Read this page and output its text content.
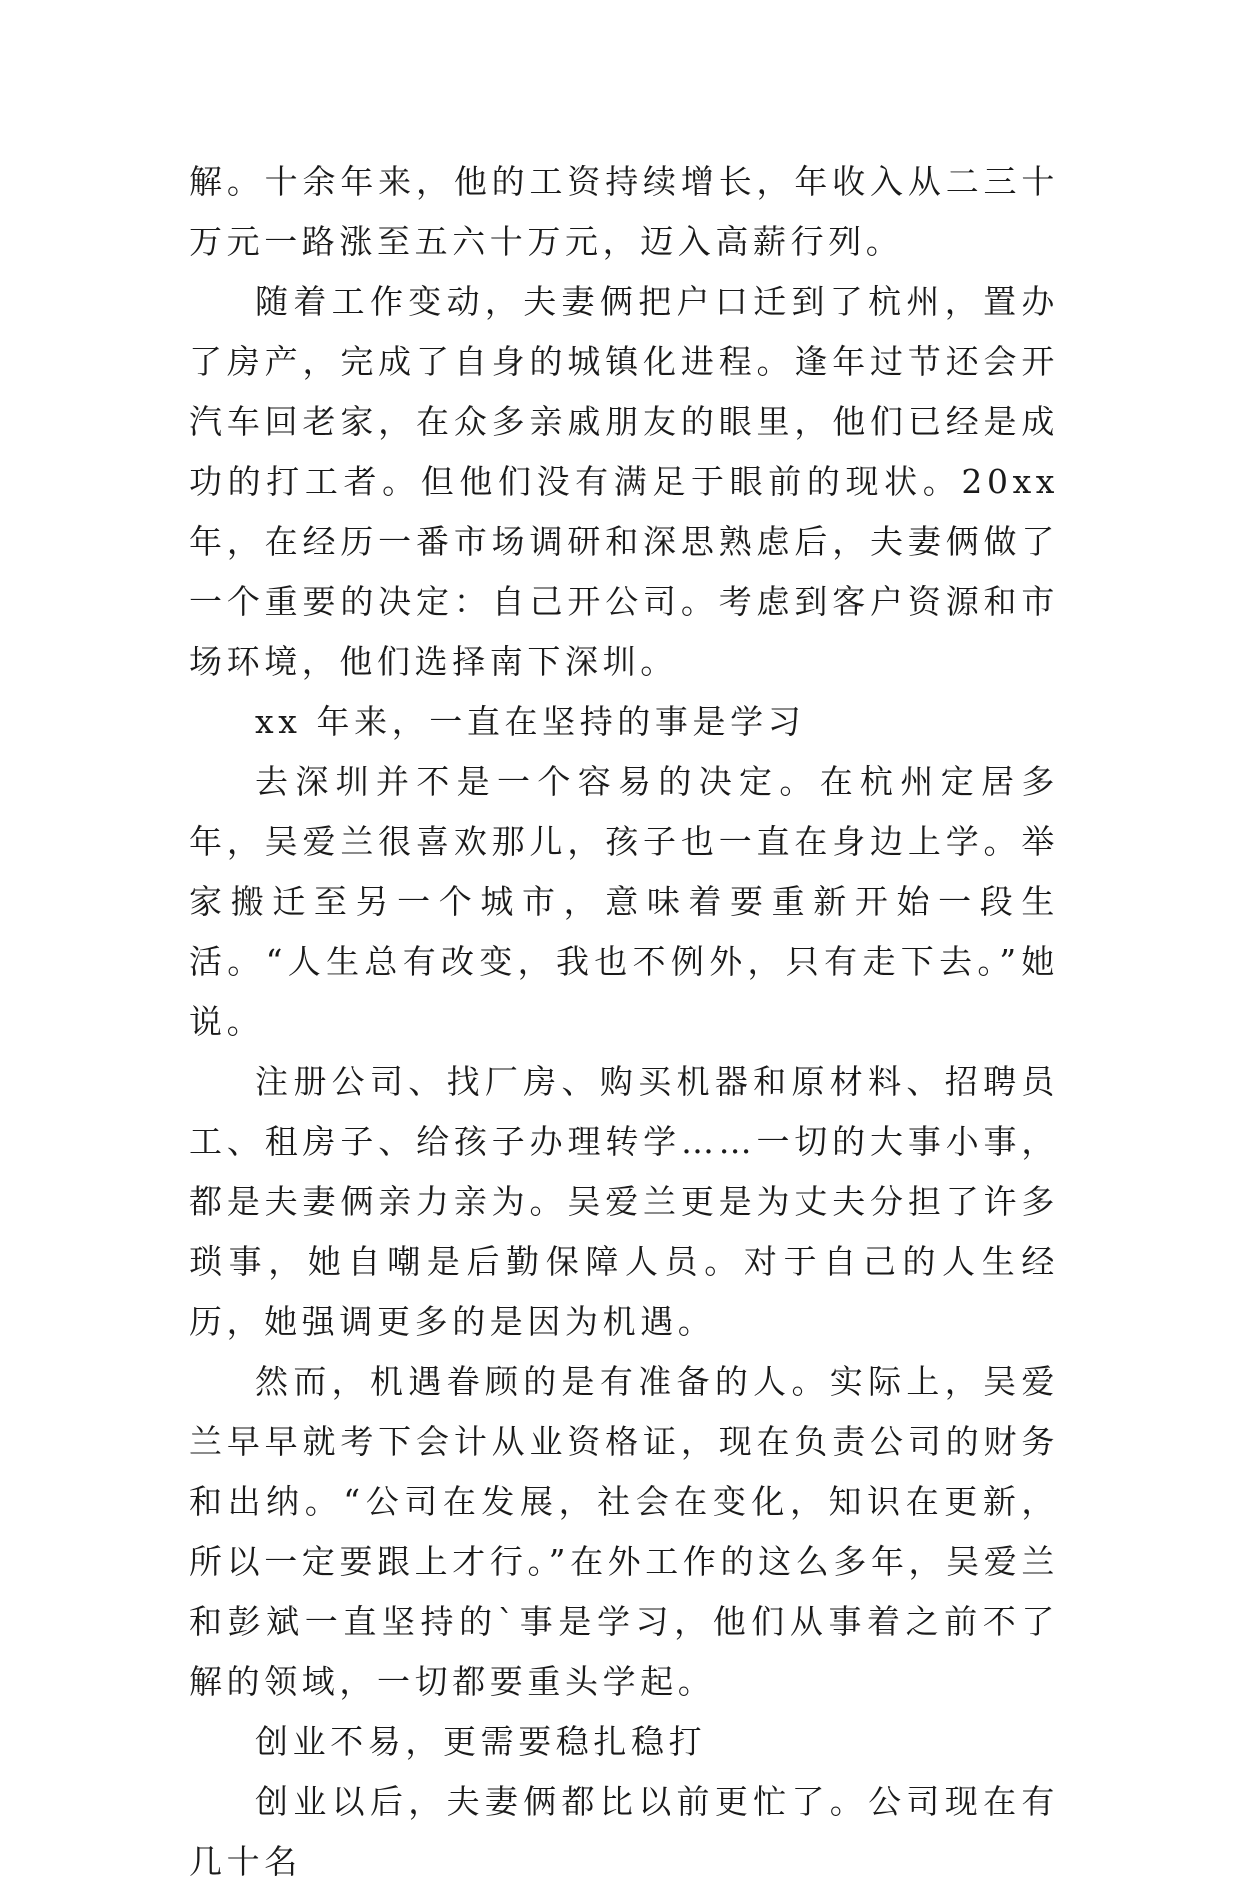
解。十余年来，他的工资持续增长，年收入从二三十万元一路涨至五六十万元，迈入高薪行列。

随着工作变动，夫妻俩把户口迁到了杭州，置办了房产，完成了自身的城镇化进程。逢年过节还会开汽车回老家，在众多亲戚朋友的眼里，他们已经是成功的打工者。但他们没有满足于眼前的现状。20xx 年，在经历一番市场调研和深思熟虑后，夫妻俩做了一个重要的决定：自己开公司。考虑到客户资源和市场环境，他们选择南下深圳。

xx 年来，一直在坚持的事是学习

去深圳并不是一个容易的决定。在杭州定居多年，吴爱兰很喜欢那儿，孩子也一直在身边上学。举家搬迁至另一个城市，意味着要重新开始一段生活。“人生总有改变，我也不例外，只有走下去。”她说。

注册公司、找厂房、购买机器和原材料、招聘员工、租房子、给孩子办理转学……一切的大事小事，都是夫妻俩亲力亲为。吴爱兰更是为丈夫分担了许多琐事，她自嘲是后勤保障人员。对于自己的人生经历，她强调更多的是因为机遇。

然而，机遇眷顾的是有准备的人。实际上，吴爱兰早早就考下会计从业资格证，现在负责公司的财务和出纳。“公司在发展，社会在变化，知识在更新，所以一定要跟上才行。”在外工作的这么多年，吴爱兰和彭斌一直坚持的`事是学习，他们从事着之前不了解的领域，一切都要重头学起。

创业不易，更需要稳扎稳打

创业以后，夫妻俩都比以前更忙了。公司现在有几十名
